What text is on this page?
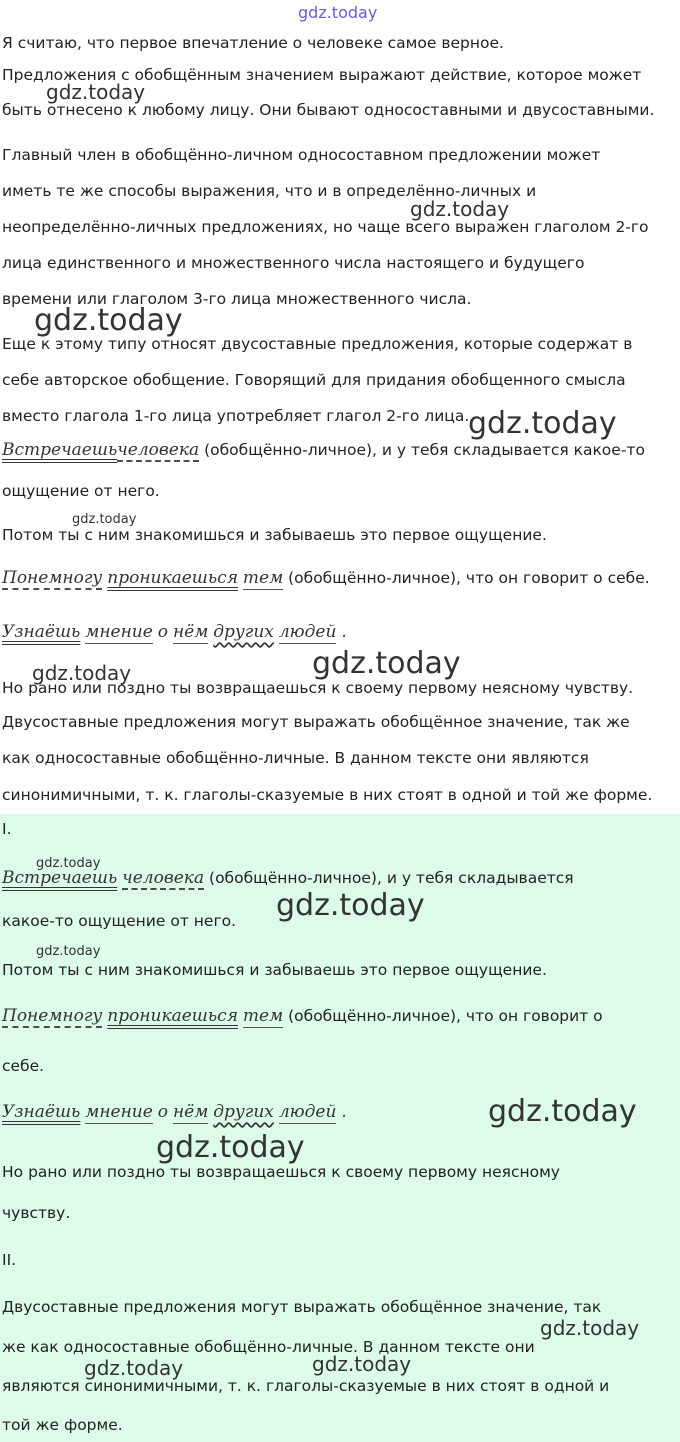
gdz.today

Я считаю, что первое впечатление о человеке самое верное.

Предложения с обобщённым значением выражают действие, которое может

быть отнесено к любому лицу. Они бывают односоставными и двусоставными.

Главный член в обобщённо-личном односоставном предложении может

иметь те же способы выражения, что и в определённо-личных и

неопределённо-личных предложениях, но чаще всего выражен глаголом 2-го

лица единственного и множественного числа настоящего и будущего

времени или глаголом 3-го лица множественного числа.

Еще к этому типу относят двусоставные предложения, которые содержат в

себе авторское обобщение. Говорящий для придания обобщенного смысла

вместо глагола 1-го лица употребляет глагол 2-го лица.

Встречаешьчеловека (обобщённо-личное), и у тебя складывается какое-то

ощущение от него.

Потом ты с ним знакомишься и забываешь это первое ощущение.

Понемногу проникаешься тем (обобщённо-личное), что он говорит о себе.

Узнаёшь мнение о нём других людей .

Но рано или поздно ты возвращаешься к своему первому неясному чувству.

Двусоставные предложения могут выражать обобщённое значение, так же

как односоставные обобщённо-личные. В данном тексте они являются

синонимичными, т. к. глаголы-сказуемые в них стоят в одной и той же форме.

I.

Встречаешь человека (обобщённо-личное), и у тебя складывается

какое-то ощущение от него.

Потом ты с ним знакомишься и забываешь это первое ощущение.

Понемногу проникаешься тем (обобщённо-личное), что он говорит о

себе.

Узнаёшь мнение о нём других людей .

Но рано или поздно ты возвращаешься к своему первому неясному

чувству.

II.

Двусоставные предложения могут выражать обобщённое значение, так

же как односоставные обобщённо-личные. В данном тексте они

являются синонимичными, т. к. глаголы-сказуемые в них стоят в одной и

той же форме.

gdz.today
gdz.today
gdz.today
gdz.today
gdz.today
gdz.today
gdz.today
gdz.today
gdz.today
gdz.today
gdz.today
gdz.today
gdz.today
gdz.today
gdz.today
